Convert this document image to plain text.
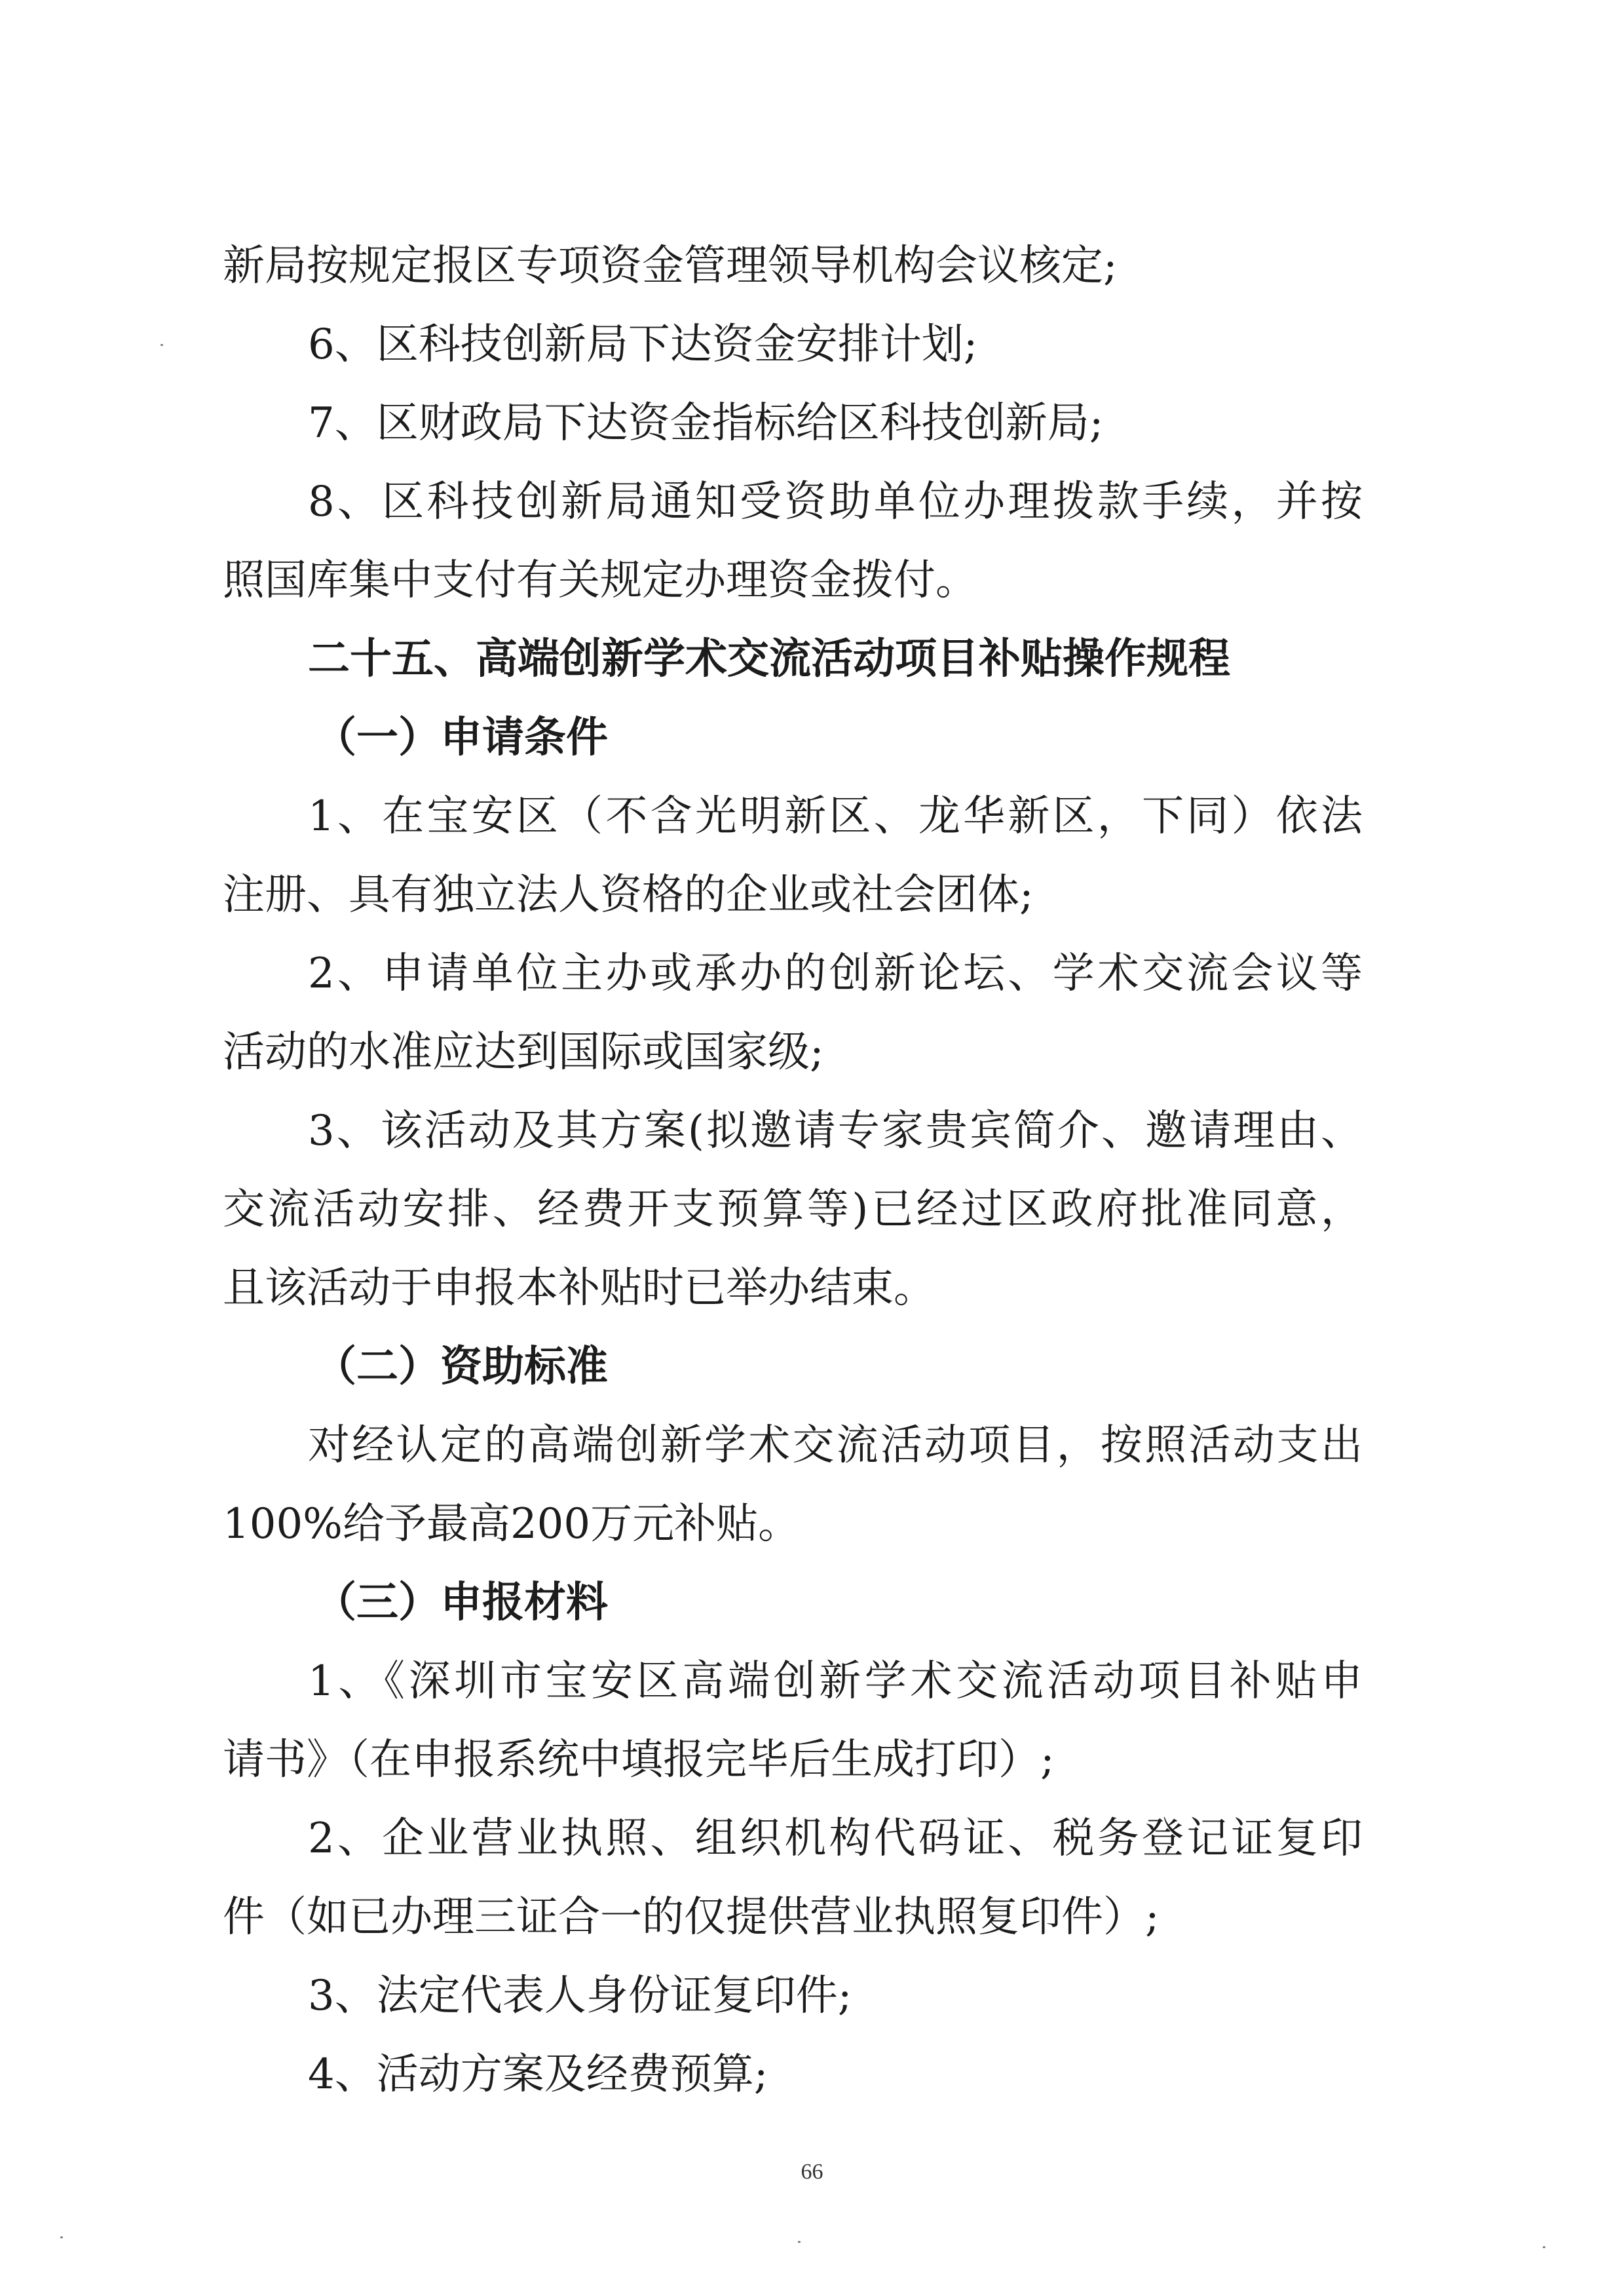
新局按规定报区专项资金管理领导机构会议核定;

6、区科技创新局下达资金安排计划;

7、区财政局下达资金指标给区科技创新局;

8、区科技创新局通知受资助单位办理拨款手续，并按

照国库集中支付有关规定办理资金拨付。

二十五、高端创新学术交流活动项目补贴操作规程

（一）申请条件

1、在宝安区（不含光明新区、龙华新区，下同）依法

注册、具有独立法人资格的企业或社会团体;

2、申请单位主办或承办的创新论坛、学术交流会议等

活动的水准应达到国际或国家级;

3、该活动及其方案(拟邀请专家贵宾简介、邀请理由、

交流活动安排、经费开支预算等)已经过区政府批准同意，

且该活动于申报本补贴时已举办结束。

（二）资助标准

对经认定的高端创新学术交流活动项目，按照活动支出

100%给予最高200万元补贴。

（三）申报材料

1、《深圳市宝安区高端创新学术交流活动项目补贴申

请书》（在申报系统中填报完毕后生成打印）;

2、企业营业执照、组织机构代码证、税务登记证复印

件（如已办理三证合一的仅提供营业执照复印件）;

3、法定代表人身份证复印件;

4、活动方案及经费预算;

66
